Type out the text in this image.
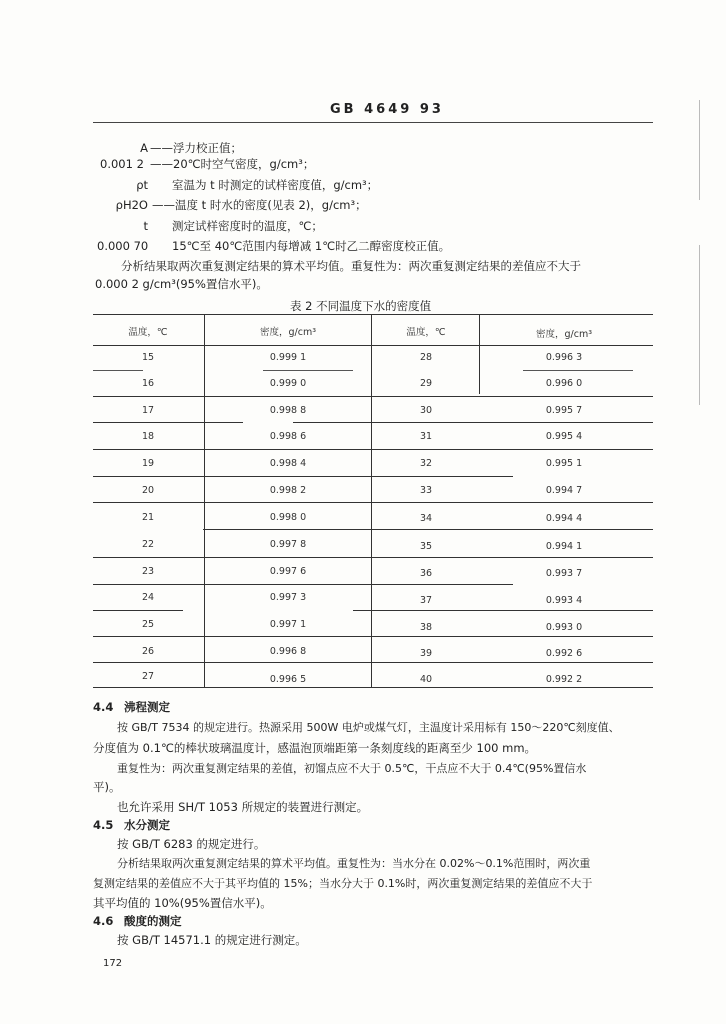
GB 4649 93
A ——浮力校正值；
0.001 2 ——20℃时空气密度，g/cm³；
ρt 室温为 t 时测定的试样密度值，g/cm³；
ρH2O ——温度 t 时水的密度(见表 2)，g/cm³；
t 测定试样密度时的温度，℃；
0.000 70	15℃至 40℃范围内每增减 1℃时乙二醇密度校正值。
分析结果取两次重复测定结果的算术平均值。重复性为：两次重复测定结果的差值应不大于
0.000 2 g/cm³(95%置信水平)。
表 2 不同温度下水的密度值
温度，℃	密度，g/cm³	温度，℃	密度，g/cm³
15	0.999 1	28	0.996 3
16	0.999 0	29	0.996 0
17	0.998 8	30	0.995 7
18	0.998 6	31	0.995 4
19	0.998 4	32	0.995 1
20	0.998 2	33	0.994 7
21	0.998 0	34	0.994 4
22	0.997 8	35	0.994 1
23	0.997 6	36	0.993 7
24	0.997 3	37	0.993 4
25	0.997 1	38	0.993 0
26	0.996 8	39	0.992 6
27	0.996 5	40	0.992 2
4.4 沸程测定
按 GB/T 7534 的规定进行。热源采用 500W 电炉或煤气灯，主温度计采用标有 150～220℃刻度值、
分度值为 0.1℃的棒状玻璃温度计，感温泡顶端距第一条刻度线的距离至少 100 mm。
重复性为：两次重复测定结果的差值，初馏点应不大于 0.5℃，干点应不大于 0.4℃(95%置信水
平)。
也允许采用 SH/T 1053 所规定的装置进行测定。
4.5 水分测定
按 GB/T 6283 的规定进行。
分析结果取两次重复测定结果的算术平均值。重复性为：当水分在 0.02%～0.1%范围时，两次重
复测定结果的差值应不大于其平均值的 15%；当水分大于 0.1%时，两次重复测定结果的差值应不大于
其平均值的 10%(95%置信水平)。
4.6 酸度的测定
按 GB/T 14571.1 的规定进行测定。
172
